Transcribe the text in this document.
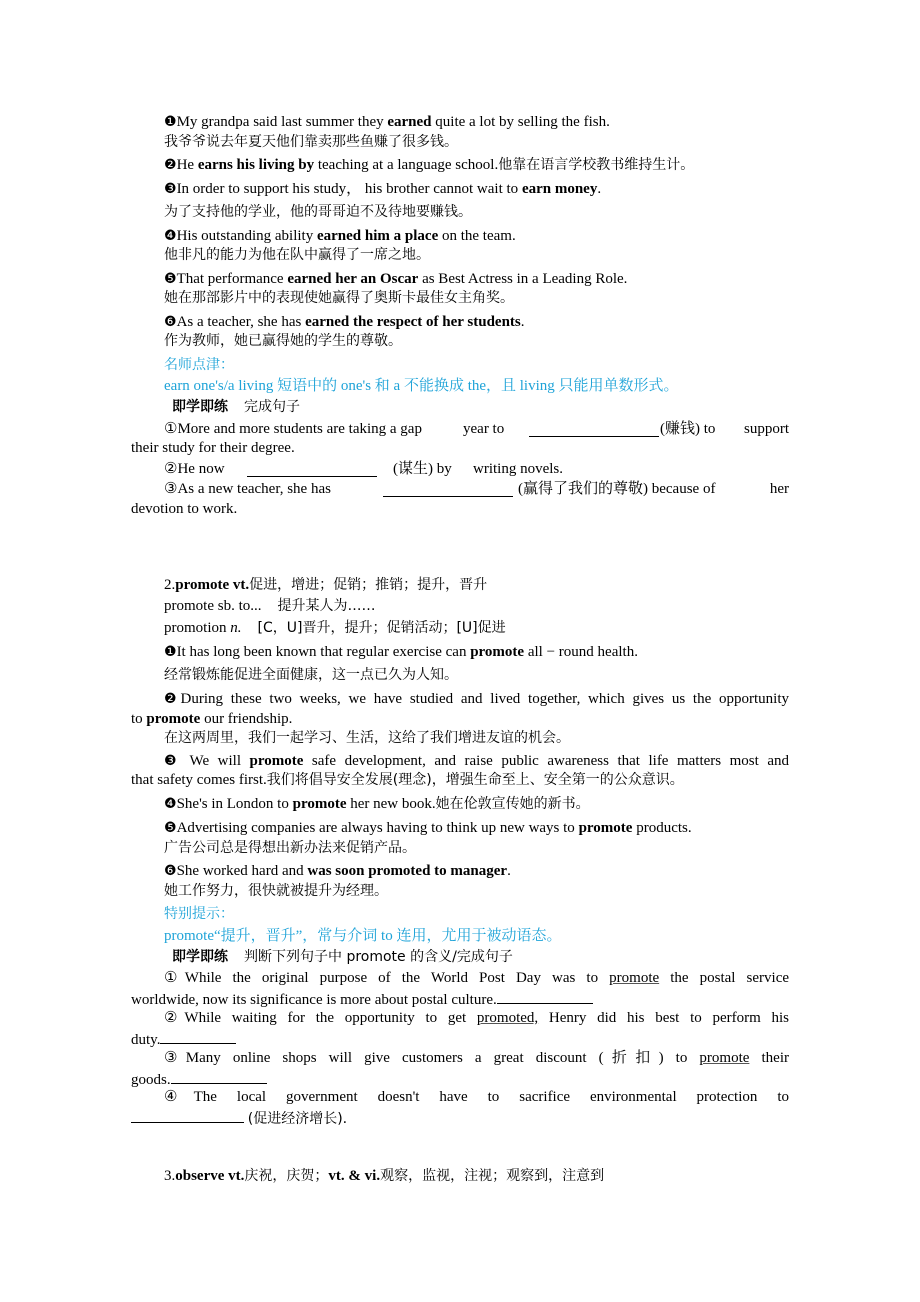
❶My grandpa said last summer they earned quite a lot by selling the fish.
我爷爷说去年夏天他们靠卖那些鱼赚了很多钱。
❷He earns his living by teaching at a language school.他靠在语言学校教书维持生计。
❸In order to support his study， his brother cannot wait to earn money.
为了支持他的学业，他的哥哥迫不及待地要赚钱。
❹His outstanding ability earned him a place on the team.
他非凡的能力为他在队中赢得了一席之地。
❺That performance earned her an Oscar as Best Actress in a Leading Role.
她在那部影片中的表现使她赢得了奥斯卡最佳女主角奖。
❻As a teacher, she has earned the respect of her students.
作为教师，她已赢得她的学生的尊敬。
名师点津：
earn one's/a living 短语中的 one's 和 a 不能换成 the，且 living 只能用单数形式。
即学即练 完成句子
①More and more students are taking a gap	year to	(赚钱) to support
their study for their degree.
②He now	(谋生) by writing novels.
③As a new teacher, she has	(赢得了我们的尊敬) because of	her
devotion to work.
2.promote vt.促进，增进；促销；推销；提升，晋升
promote sb. to... 提升某人为……
promotion n. [C，U]晋升，提升；促销活动；[U]促进
❶It has long been known that regular exercise can promote all − round health.
经常锻炼能促进全面健康，这一点已久为人知。
❷During these two weeks, we have studied and lived together, which gives us the opportunity
to promote our friendship.
在这两周里，我们一起学习、生活，这给了我们增进友谊的机会。
❸ We will promote safe development, and raise public awareness that life matters most and
that safety comes first.我们将倡导安全发展(理念)，增强生命至上、安全第一的公众意识。
❹She's in London to promote her new book.她在伦敦宣传她的新书。
❺Advertising companies are always having to think up new ways to promote products.
广告公司总是得想出新办法来促销产品。
❻She worked hard and was soon promoted to manager.
她工作努力，很快就被提升为经理。
特别提示：
promote“提升，晋升”，常与介词 to 连用，尤用于被动语态。
即学即练 判断下列句子中 promote 的含义/完成句子
①While the original purpose of the World Post Day was to promote the postal service
worldwide, now its significance is more about postal culture.
②While waiting for the opportunity to get promoted, Henry did his best to perform his
duty.
③Many online shops will give customers a great discount (折扣) to promote their
goods.
④The local government doesn't have to sacrifice environmental protection to
(促进经济增长).
3.observe vt.庆祝，庆贺；vt. & vi.观察，监视，注视；观察到，注意到
